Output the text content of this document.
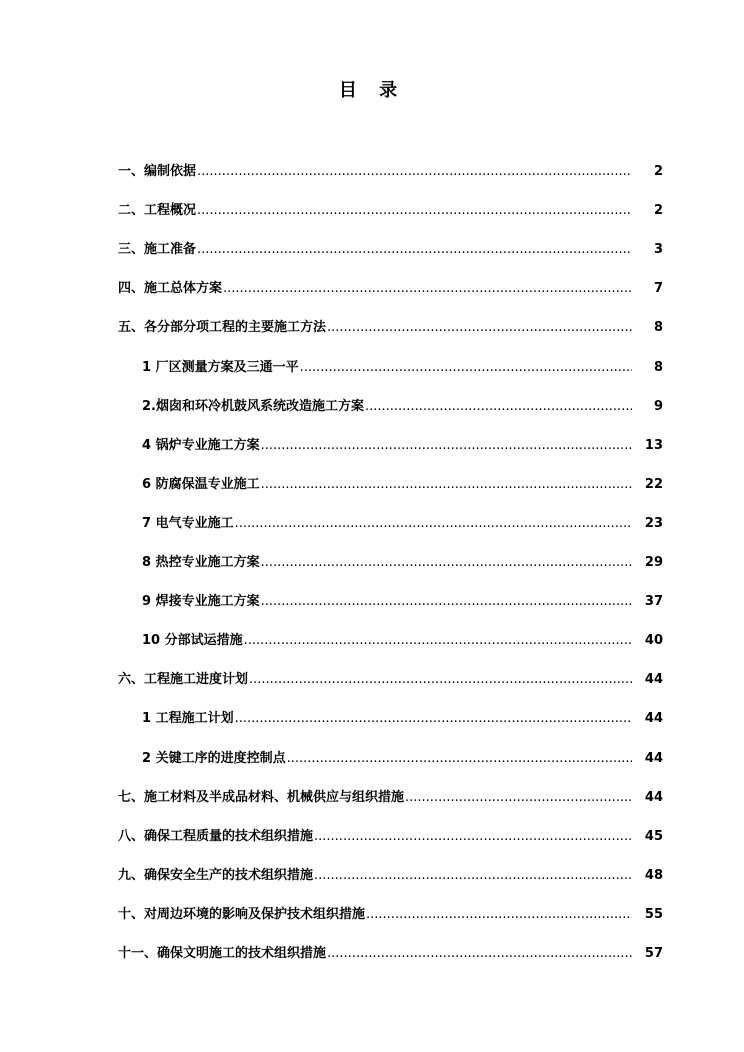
目 录
一、编制依据 .....	2
二、工程概况 .....	2
三、施工准备 .....	3
四、施工总体方案 .....	7
五、各分部分项工程的主要施工方法 .....	8
1 厂区测量方案及三通一平 .....	8
2.烟囱和环冷机鼓风系统改造施工方案 .....	9
4 锅炉专业施工方案 .....	13
6 防腐保温专业施工 .....	22
7 电气专业施工 .....	23
8 热控专业施工方案 .....	29
9 焊接专业施工方案 .....	37
10 分部试运措施 .....	40
六、工程施工进度计划 .....	44
1 工程施工计划 .....	44
2 关键工序的进度控制点 .....	44
七、施工材料及半成品材料、机械供应与组织措施 .....	44
八、确保工程质量的技术组织措施 .....	45
九、确保安全生产的技术组织措施 .....	48
十、对周边环境的影响及保护技术组织措施 .....	55
十一、确保文明施工的技术组织措施 .....	57
